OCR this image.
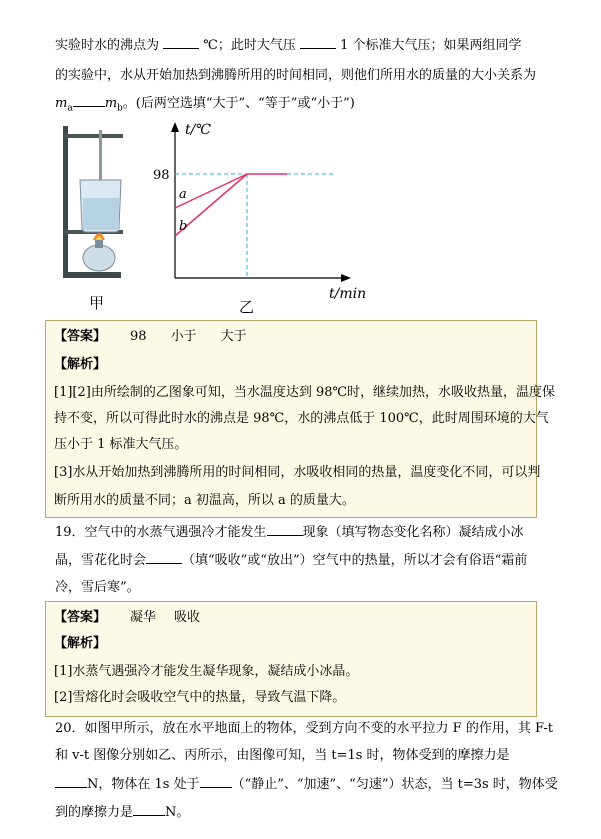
实验时水的沸点为	℃；此时大气压	1 个标准大气压；如果两组同学
的实验中，水从开始加热到沸腾所用的时间相同，则他们所用水的质量的大小关系为
$m_a$ $m_b$。(后两空选填“大于”、“等于”或“小于”)
甲
t/℃
t/min
98
a
b
乙
【答案】 98 小于 大于
【解析】
[1][2]由所绘制的乙图象可知，当水温度达到 98℃时，继续加热，水吸收热量，温度保
持不变，所以可得此时水的沸点是 98℃，水的沸点低于 100℃，此时周围环境的大气
压小于 1 标准大气压。
[3]水从开始加热到沸腾所用的时间相同，水吸收相同的热量，温度变化不同，可以判
断所用水的质量不同；a 初温高，所以 a 的质量大。
19．空气中的水蒸气遇强冷才能发生	现象（填写物态变化名称）凝结成小冰
晶，雪花化时会	（填“吸收”或“放出”）空气中的热量，所以才会有俗语“霜前
冷，雪后寒”。
【答案】 凝华 吸收
【解析】
[1]水蒸气遇强冷才能发生凝华现象，凝结成小冰晶。
[2]雪熔化时会吸收空气中的热量，导致气温下降。
20．如图甲所示，放在水平地面上的物体，受到方向不变的水平拉力 F 的作用，其 F-t
和 v-t 图像分别如乙、丙所示，由图像可知，当 t=1s 时，物体受到的摩擦力是
N，物体在 1s 处于 （“静止”、“加速”、“匀速”）状态，当 t=3s 时，物体受
到的摩擦力是 N。
